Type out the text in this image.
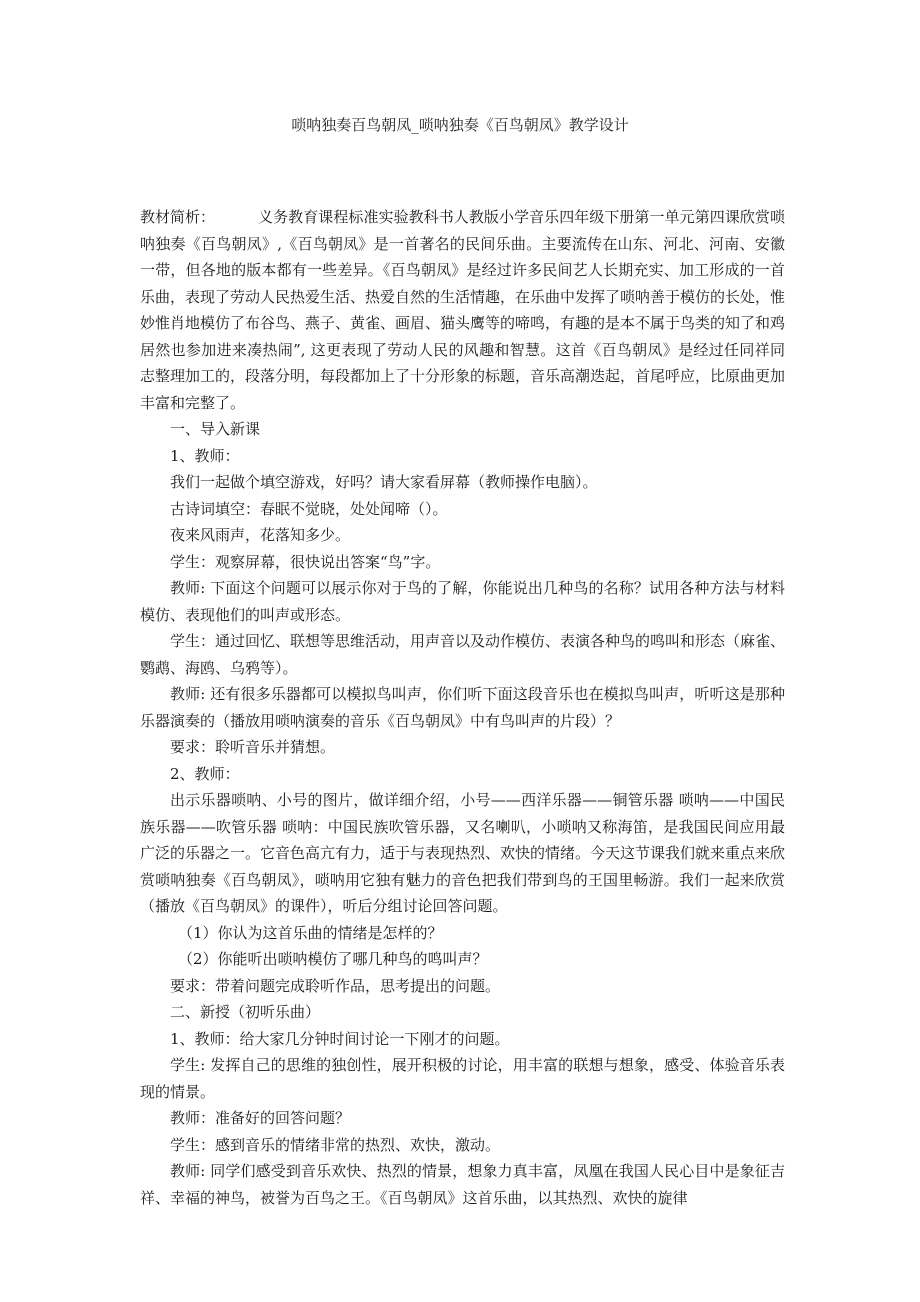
唢呐独奏百鸟朝凤_唢呐独奏《百鸟朝凤》教学设计

教材简析：	义务教育课程标准实验教科书人教版小学音乐四年级下册第一单元第四课欣赏唢呐独奏《百鸟朝凤》,《百鸟朝凤》是一首著名的民间乐曲。主要流传在山东、河北、河南、安徽一带，但各地的版本都有一些差异。《百鸟朝凤》是经过许多民间艺人长期充实、加工形成的一首乐曲，表现了劳动人民热爱生活、热爱自然的生活情趣，在乐曲中发挥了唢呐善于模仿的长处，惟妙惟肖地模仿了布谷鸟、燕子、黄雀、画眉、猫头鹰等的啼鸣，有趣的是本不属于鸟类的知了和鸡居然也参加进来凑热闹”, 这更表现了劳动人民的风趣和智慧。这首《百鸟朝凤》是经过任同祥同志整理加工的，段落分明，每段都加上了十分形象的标题，音乐高潮迭起，首尾呼应，比原曲更加丰富和完整了。

一、导入新课

1、教师：

我们一起做个填空游戏，好吗？请大家看屏幕（教师操作电脑）。

古诗词填空：春眠不觉晓，处处闻啼（）。

夜来风雨声，花落知多少。

学生：观察屏幕，很快说出答案“鸟”字。

教师: 下面这个问题可以展示你对于鸟的了解，你能说出几种鸟的名称？试用各种方法与材料模仿、表现他们的叫声或形态。

学生：通过回忆、联想等思维活动，用声音以及动作模仿、表演各种鸟的鸣叫和形态（麻雀、鹦鹉、海鸥、乌鸦等）。

教师: 还有很多乐器都可以模拟鸟叫声，你们听下面这段音乐也在模拟鸟叫声，听听这是那种乐器演奏的（播放用唢呐演奏的音乐《百鸟朝凤》中有鸟叫声的片段）？

要求：聆听音乐并猜想。

2、教师：

出示乐器唢呐、小号的图片，做详细介绍，小号——西洋乐器——铜管乐器 唢呐——中国民族乐器——吹管乐器 唢呐：中国民族吹管乐器，又名喇叭，小唢呐又称海笛，是我国民间应用最广泛的乐器之一。它音色高亢有力，适于与表现热烈、欢快的情绪。今天这节课我们就来重点来欣赏唢呐独奏《百鸟朝凤》，唢呐用它独有魅力的音色把我们带到鸟的王国里畅游。我们一起来欣赏（播放《百鸟朝凤》的课件），听后分组讨论回答问题。

（1）你认为这首乐曲的情绪是怎样的？

（2）你能听出唢呐模仿了哪几种鸟的鸣叫声？

要求：带着问题完成聆听作品，思考提出的问题。

二、新授（初听乐曲）

1、教师：给大家几分钟时间讨论一下刚才的问题。

学生: 发挥自己的思维的独创性，展开积极的讨论，用丰富的联想与想象，感受、体验音乐表现的情景。

教师：准备好的回答问题？

学生：感到音乐的情绪非常的热烈、欢快，激动。

教师: 同学们感受到音乐欢快、热烈的情景，想象力真丰富，凤凰在我国人民心目中是象征吉祥、幸福的神鸟，被誉为百鸟之王。《百鸟朝凤》这首乐曲，以其热烈、欢快的旋律
